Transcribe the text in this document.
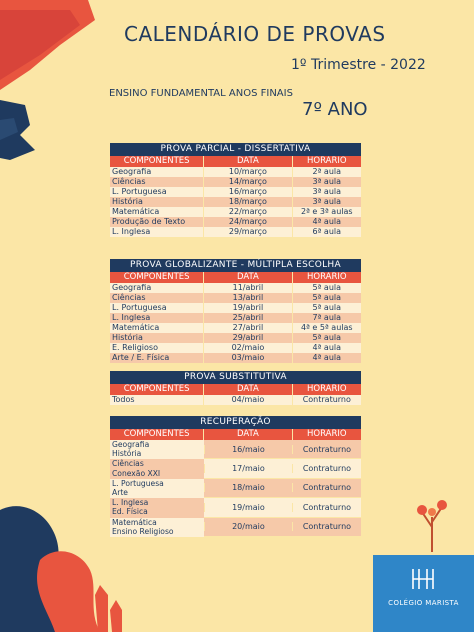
COLÉGIO MARISTA
CALENDÁRIO DE PROVAS
1º Trimestre - 2022
ENSINO FUNDAMENTAL ANOS FINAIS
7º ANO
PROVA PARCIAL - DISSERTATIVA
COMPONENTES	DATA	HORÁRIO
Geografia	10/março	2ª aula
Ciências	14/março	3ª aula
L. Portuguesa	16/março	3ª aula
História	18/março	3ª aula
Matemática	22/março	2ª e 3ª aulas
Produção de Texto	24/março	4ª aula
L. Inglesa	29/março	6ª aula
PROVA GLOBALIZANTE - MÚLTIPLA ESCOLHA
COMPONENTES	DATA	HORÁRIO
Geografia	11/abril	5ª aula
Ciências	13/abril	5ª aula
L. Portuguesa	19/abril	5ª aula
L. Inglesa	25/abril	7ª aula
Matemática	27/abril	4ª e 5ª aulas
História	29/abril	5ª aula
E. Religioso	02/maio	4ª aula
Arte / E. Física	03/maio	4ª aula
PROVA SUBSTITUTIVA
COMPONENTES	DATA	HORÁRIO
Todos	04/maio	Contraturno
RECUPERAÇÃO
COMPONENTES	DATA	HORÁRIO
Geografia
História	16/maio	Contraturno
Ciências
Conexão XXI	17/maio	Contraturno
L. Portuguesa
Arte	18/maio	Contraturno
L. Inglesa
Ed. Física	19/maio	Contraturno
Matemática
Ensino Religioso	20/maio	Contraturno
